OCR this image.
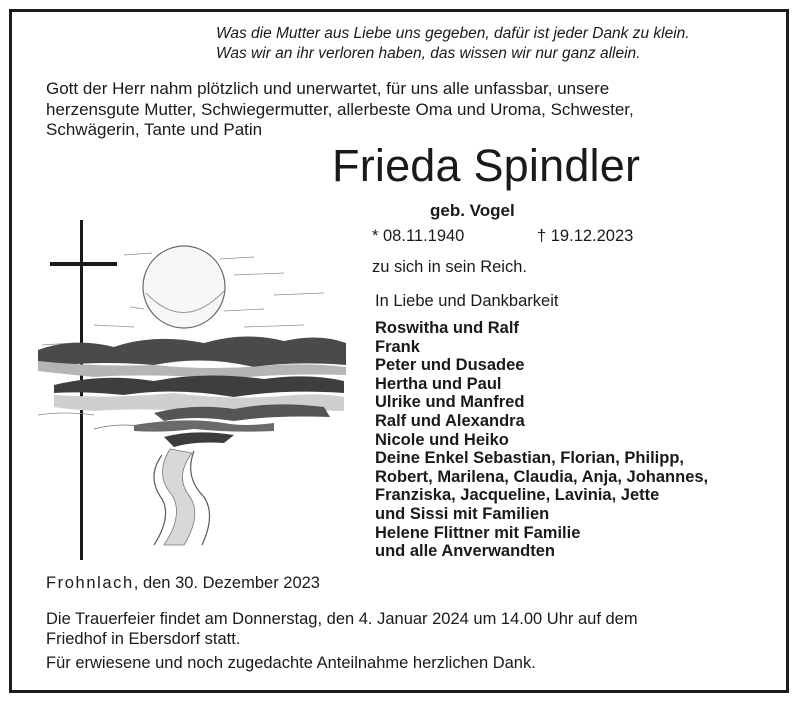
Was die Mutter aus Liebe uns gegeben, dafür ist jeder Dank zu klein.
Was wir an ihr verloren haben, das wissen wir nur ganz allein.
Gott der Herr nahm plötzlich und unerwartet, für uns alle unfassbar, unsere
herzensgute Mutter, Schwiegermutter, allerbeste Oma und Uroma, Schwester,
Schwägerin, Tante und Patin
Frieda Spindler
geb. Vogel
* 08.11.1940	† 19.12.2023
zu sich in sein Reich.
In Liebe und Dankbarkeit
Roswitha und Ralf
Frank
Peter und Dusadee
Hertha und Paul
Ulrike und Manfred
Ralf und Alexandra
Nicole und Heiko
Deine Enkel Sebastian, Florian, Philipp,
Robert, Marilena, Claudia, Anja, Johannes,
Franziska, Jacqueline, Lavinia, Jette
und Sissi mit Familien
Helene Flittner mit Familie
und alle Anverwandten
Frohnlach, den 30. Dezember 2023
Die Trauerfeier findet am Donnerstag, den 4. Januar 2024 um 14.00 Uhr auf dem
Friedhof in Ebersdorf statt.
Für erwiesene und noch zugedachte Anteilnahme herzlichen Dank.
